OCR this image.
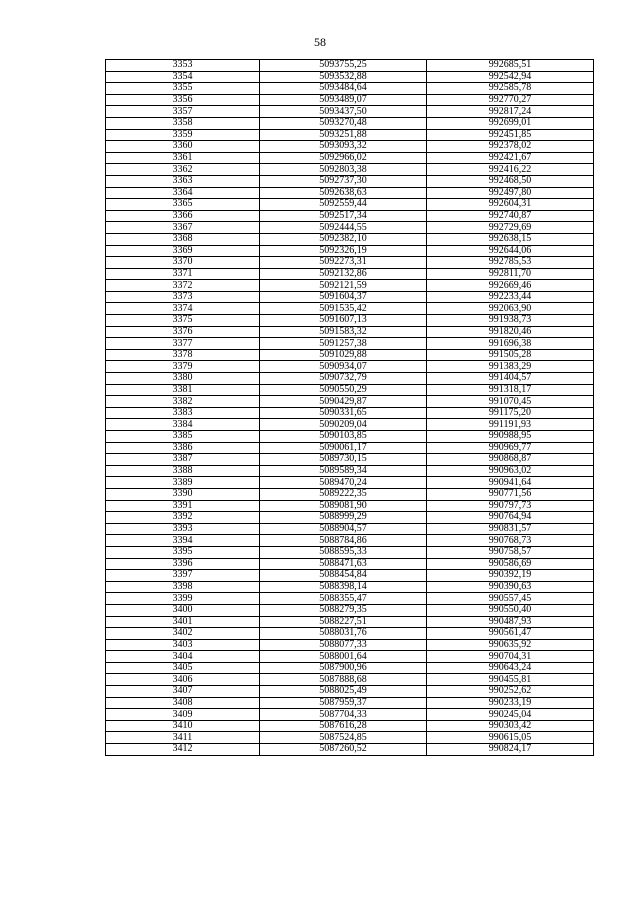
58
3353	5093755,25	992685,51
3354	5093532,88	992542,94
3355	5093484,64	992585,78
3356	5093489,07	992770,27
3357	5093437,50	992817,24
3358	5093270,48	992699,01
3359	5093251,88	992451,85
3360	5093093,32	992378,02
3361	5092966,02	992421,67
3362	5092803,38	992416,22
3363	5092737,30	992468,50
3364	5092638,63	992497,80
3365	5092559,44	992604,31
3366	5092517,34	992740,87
3367	5092444,55	992729,69
3368	5092382,10	992638,15
3369	5092326,19	992644,06
3370	5092273,31	992785,53
3371	5092132,86	992811,70
3372	5092121,59	992669,46
3373	5091604,37	992233,44
3374	5091535,42	992063,90
3375	5091607,13	991938,73
3376	5091583,32	991820,46
3377	5091257,38	991696,38
3378	5091029,88	991505,28
3379	5090934,07	991383,29
3380	5090732,79	991404,57
3381	5090550,29	991318,17
3382	5090429,87	991070,45
3383	5090331,65	991175,20
3384	5090209,04	991191,93
3385	5090103,85	990988,95
3386	5090061,17	990969,77
3387	5089730,15	990868,87
3388	5089589,34	990963,02
3389	5089470,24	990941,64
3390	5089222,35	990771,56
3391	5089081,90	990797,73
3392	5088999,29	990764,94
3393	5088904,57	990831,57
3394	5088784,86	990768,73
3395	5088595,33	990758,57
3396	5088471,63	990586,69
3397	5088454,84	990392,19
3398	5088398,14	990390,63
3399	5088355,47	990557,45
3400	5088279,35	990550,40
3401	5088227,51	990487,93
3402	5088031,76	990561,47
3403	5088077,33	990635,92
3404	5088001,64	990704,31
3405	5087900,96	990643,24
3406	5087888,68	990455,81
3407	5088025,49	990252,62
3408	5087959,37	990233,19
3409	5087704,33	990245,04
3410	5087616,28	990303,42
3411	5087524,85	990615,05
3412	5087260,52	990824,17
